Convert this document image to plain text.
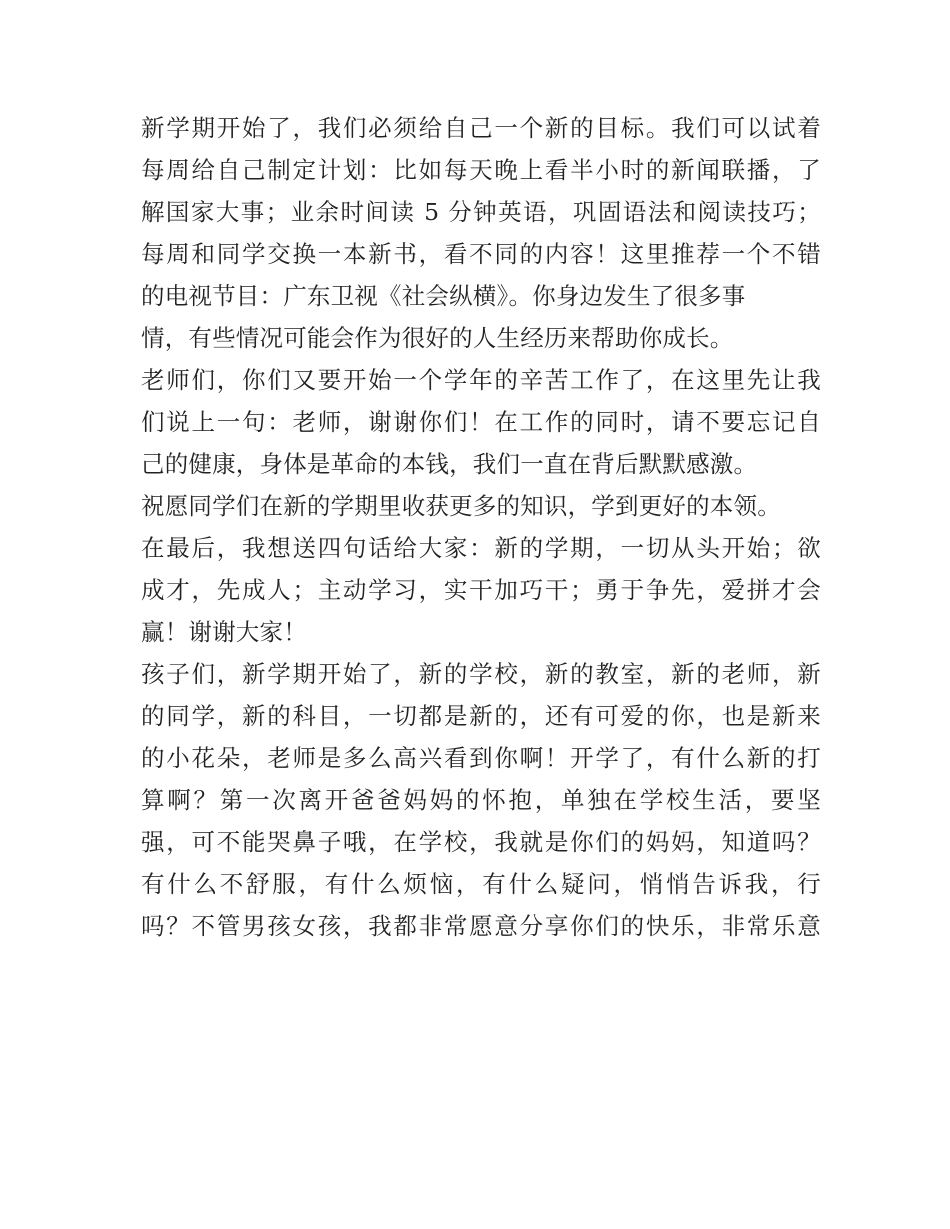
新学期开始了，我们必须给自己一个新的目标。我们可以试着
每周给自己制定计划：比如每天晚上看半小时的新闻联播，了
解国家大事；业余时间读 5 分钟英语，巩固语法和阅读技巧；
每周和同学交换一本新书，看不同的内容！这里推荐一个不错
的电视节目：广东卫视《社会纵横》。你身边发生了很多事
情，有些情况可能会作为很好的人生经历来帮助你成长。
老师们，你们又要开始一个学年的辛苦工作了，在这里先让我
们说上一句：老师，谢谢你们！在工作的同时，请不要忘记自
己的健康，身体是革命的本钱，我们一直在背后默默感激。
祝愿同学们在新的学期里收获更多的知识，学到更好的本领。
在最后，我想送四句话给大家：新的学期，一切从头开始；欲
成才，先成人；主动学习，实干加巧干；勇于争先，爱拼才会
赢！谢谢大家！
孩子们，新学期开始了，新的学校，新的教室，新的老师，新
的同学，新的科目，一切都是新的，还有可爱的你，也是新来
的小花朵，老师是多么高兴看到你啊！开学了，有什么新的打
算啊？第一次离开爸爸妈妈的怀抱，单独在学校生活，要坚
强，可不能哭鼻子哦，在学校，我就是你们的妈妈，知道吗？
有什么不舒服，有什么烦恼，有什么疑问，悄悄告诉我，行
吗？不管男孩女孩，我都非常愿意分享你们的快乐，非常乐意
